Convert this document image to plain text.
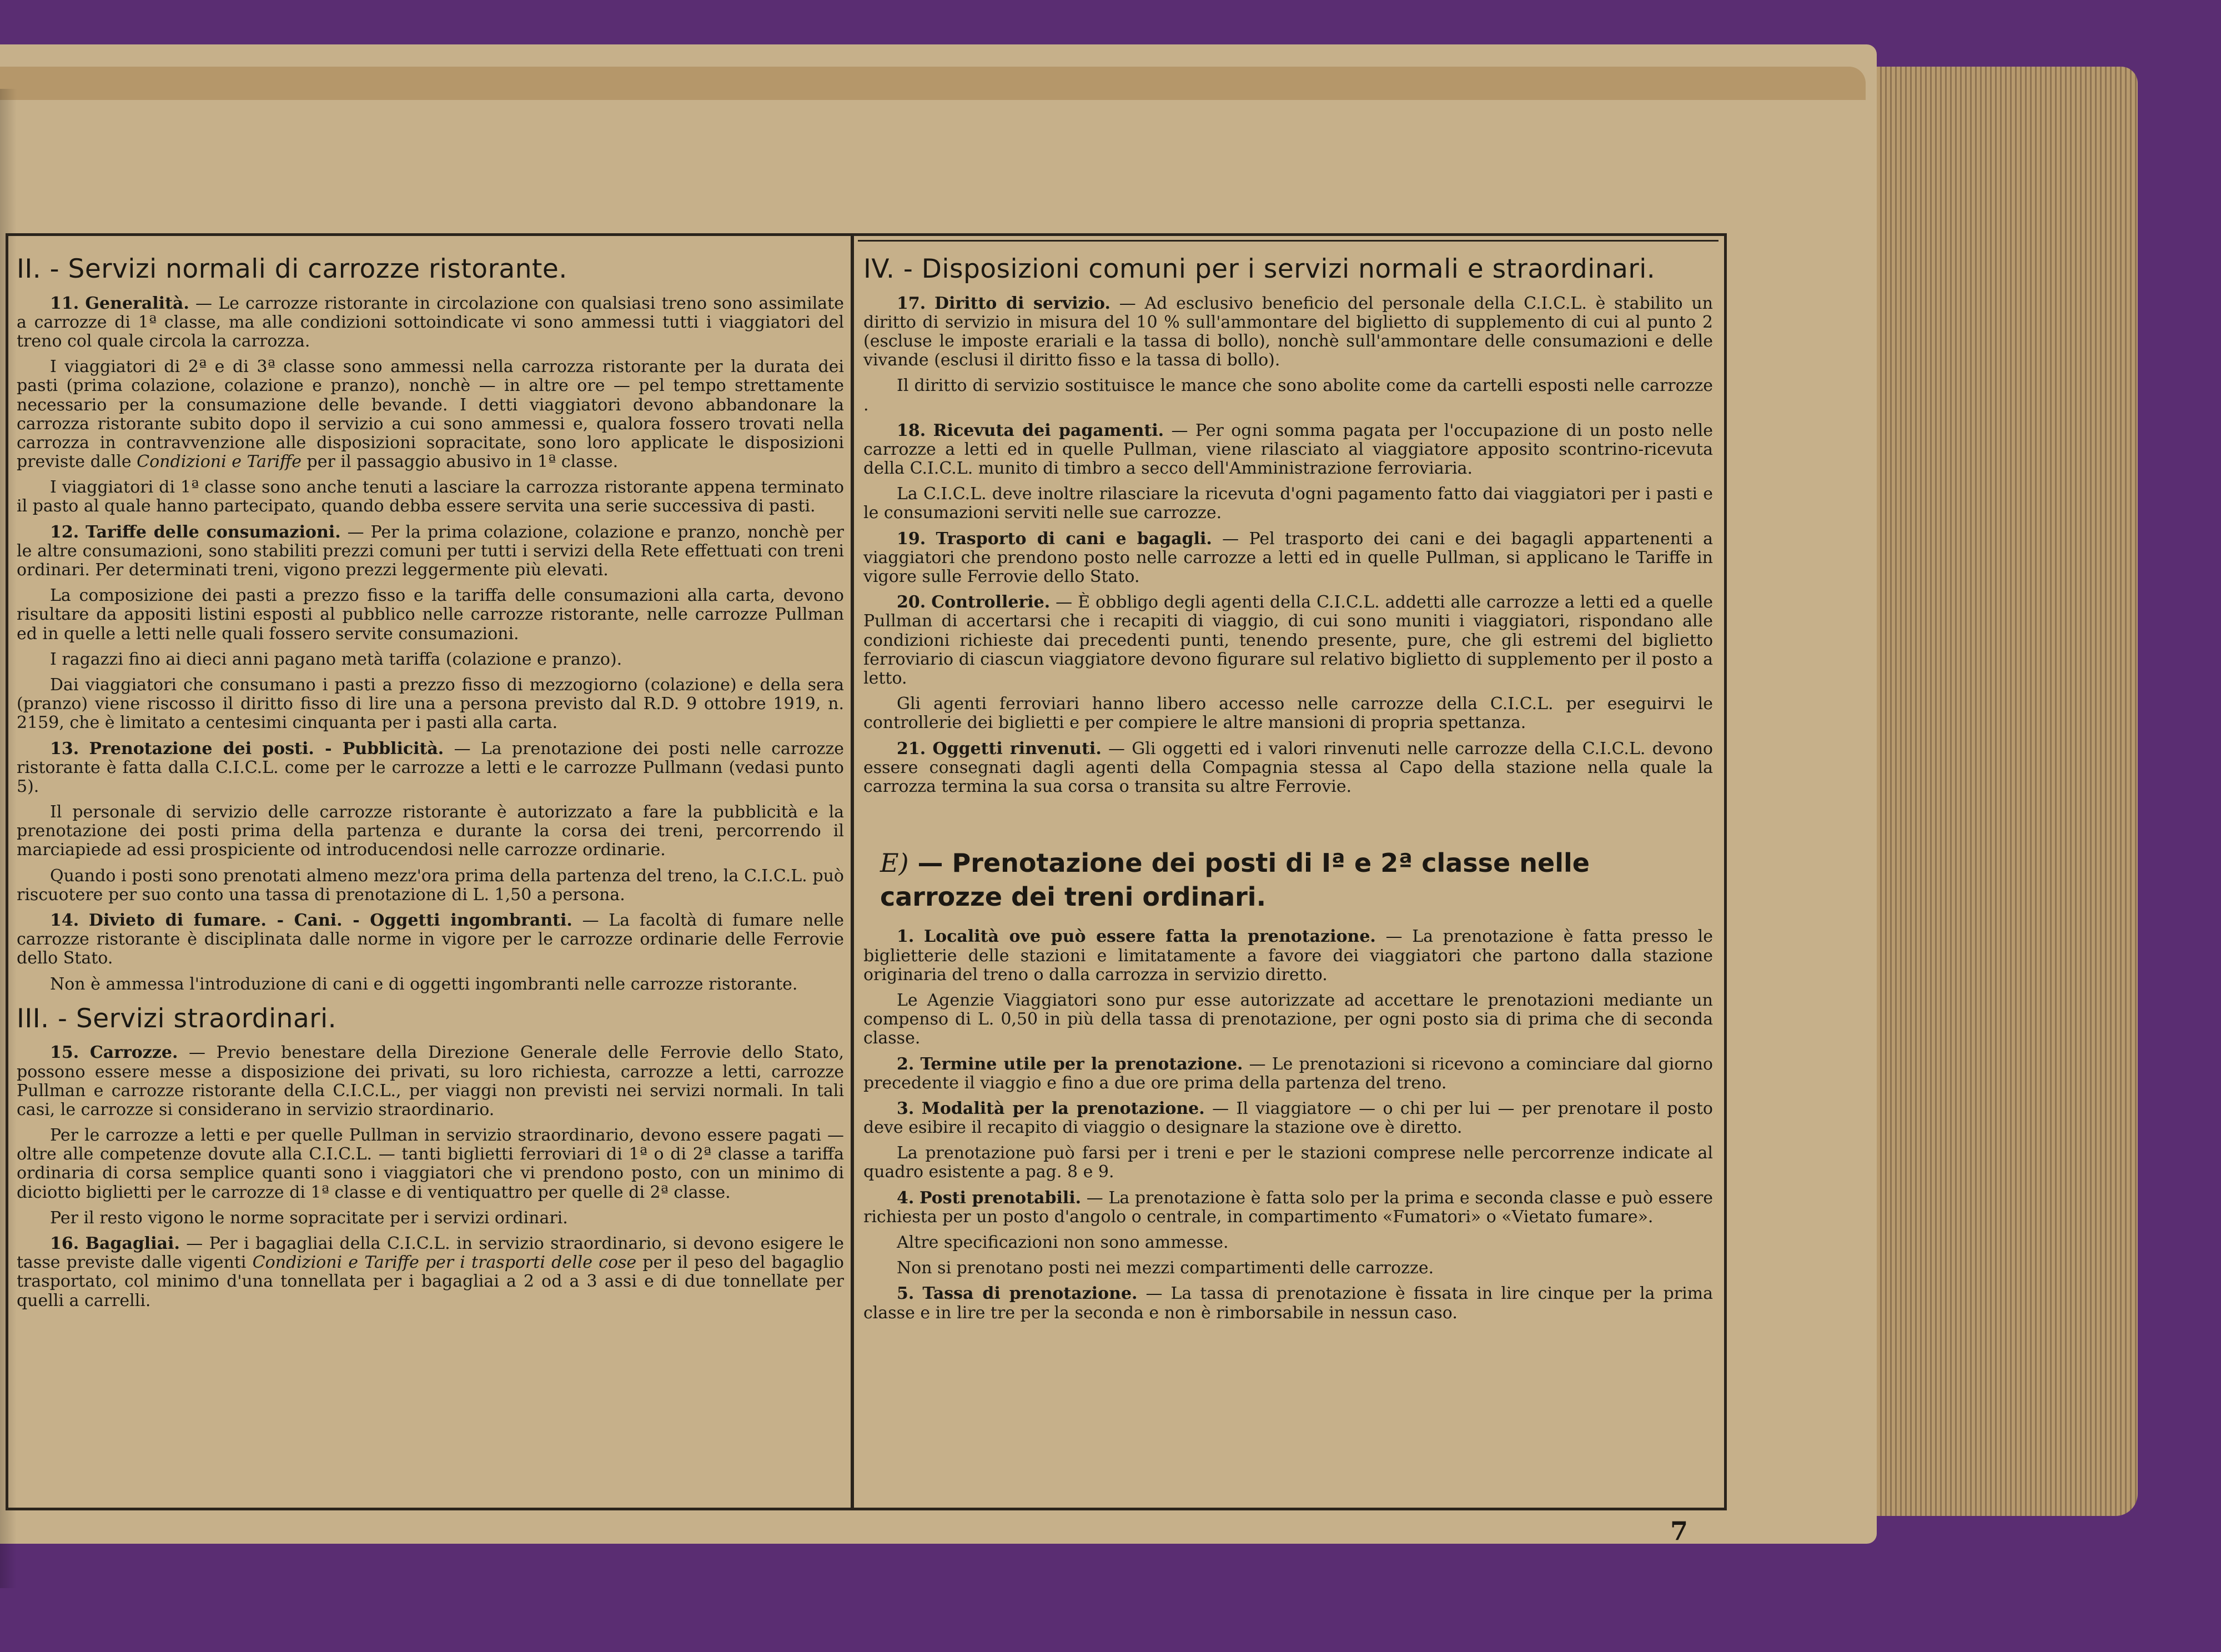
II. - Servizi normali di carrozze ristorante.

11. Generalità. — Le carrozze ristorante in circolazione con qualsiasi treno sono assimilate a carrozze di 1ª classe, ma alle condizioni sottoindicate vi sono ammessi tutti i viaggiatori del treno col quale circola la carrozza.

I viaggiatori di 2ª e di 3ª classe sono ammessi nella carrozza ristorante per la durata dei pasti (prima colazione, colazione e pranzo), nonchè — in altre ore — pel tempo strettamente necessario per la consumazione delle bevande. I detti viaggiatori devono abbandonare la carrozza ristorante subito dopo il servizio a cui sono ammessi e, qualora fossero trovati nella carrozza in contravvenzione alle disposizioni sopracitate, sono loro applicate le disposizioni previste dalle Condizioni e Tariffe per il passaggio abusivo in 1ª classe.

I viaggiatori di 1ª classe sono anche tenuti a lasciare la carrozza ristorante appena terminato il pasto al quale hanno partecipato, quando debba essere servita una serie successiva di pasti.

12. Tariffe delle consumazioni. — Per la prima colazione, colazione e pranzo, nonchè per le altre consumazioni, sono stabiliti prezzi comuni per tutti i servizi della Rete effettuati con treni ordinari. Per determinati treni, vigono prezzi leggermente più elevati.

La composizione dei pasti a prezzo fisso e la tariffa delle consumazioni alla carta, devono risultare da appositi listini esposti al pubblico nelle carrozze ristorante, nelle carrozze Pullman ed in quelle a letti nelle quali fossero servite consumazioni.

I ragazzi fino ai dieci anni pagano metà tariffa (colazione e pranzo).

Dai viaggiatori che consumano i pasti a prezzo fisso di mezzogiorno (colazione) e della sera (pranzo) viene riscosso il diritto fisso di lire una a persona previsto dal R.D. 9 ottobre 1919, n. 2159, che è limitato a centesimi cinquanta per i pasti alla carta.

13. Prenotazione dei posti. - Pubblicità. — La prenotazione dei posti nelle carrozze ristorante è fatta dalla C.I.C.L. come per le carrozze a letti e le carrozze Pullmann (vedasi punto 5).

Il personale di servizio delle carrozze ristorante è autorizzato a fare la pubblicità e la prenotazione dei posti prima della partenza e durante la corsa dei treni, percorrendo il marciapiede ad essi prospiciente od introducendosi nelle carrozze ordinarie.

Quando i posti sono prenotati almeno mezz'ora prima della partenza del treno, la C.I.C.L. può riscuotere per suo conto una tassa di prenotazione di L. 1,50 a persona.

14. Divieto di fumare. - Cani. - Oggetti ingombranti. — La facoltà di fumare nelle carrozze ristorante è disciplinata dalle norme in vigore per le carrozze ordinarie delle Ferrovie dello Stato.

Non è ammessa l'introduzione di cani e di oggetti ingombranti nelle carrozze ristorante.

III. - Servizi straordinari.

15. Carrozze. — Previo benestare della Direzione Generale delle Ferrovie dello Stato, possono essere messe a disposizione dei privati, su loro richiesta, carrozze a letti, carrozze Pullman e carrozze ristorante della C.I.C.L., per viaggi non previsti nei servizi normali. In tali casi, le carrozze si considerano in servizio straordinario.

Per le carrozze a letti e per quelle Pullman in servizio straordinario, devono essere pagati — oltre alle competenze dovute alla C.I.C.L. — tanti biglietti ferroviari di 1ª o di 2ª classe a tariffa ordinaria di corsa semplice quanti sono i viaggiatori che vi prendono posto, con un minimo di diciotto biglietti per le carrozze di 1ª classe e di ventiquattro per quelle di 2ª classe.

Per il resto vigono le norme sopracitate per i servizi ordinari.

16. Bagagliai. — Per i bagagliai della C.I.C.L. in servizio straordinario, si devono esigere le tasse previste dalle vigenti Condizioni e Tariffe per i trasporti delle cose per il peso del bagaglio trasportato, col minimo d'una tonnellata per i bagagliai a 2 od a 3 assi e di due tonnellate per quelli a carrelli.

IV. - Disposizioni comuni per i servizi normali e straordinari.

17. Diritto di servizio. — Ad esclusivo beneficio del personale della C.I.C.L. è stabilito un diritto di servizio in misura del 10 % sull'ammontare del biglietto di supplemento di cui al punto 2 (escluse le imposte erariali e la tassa di bollo), nonchè sull'ammontare delle consumazioni e delle vivande (esclusi il diritto fisso e la tassa di bollo).

Il diritto di servizio sostituisce le mance che sono abolite come da cartelli esposti nelle carrozze .

18. Ricevuta dei pagamenti. — Per ogni somma pagata per l'occupazione di un posto nelle carrozze a letti ed in quelle Pullman, viene rilasciato al viaggiatore apposito scontrino-ricevuta della C.I.C.L. munito di timbro a secco dell'Amministrazione ferroviaria.

La C.I.C.L. deve inoltre rilasciare la ricevuta d'ogni pagamento fatto dai viaggiatori per i pasti e le consumazioni serviti nelle sue carrozze.

19. Trasporto di cani e bagagli. — Pel trasporto dei cani e dei bagagli appartenenti a viaggiatori che prendono posto nelle carrozze a letti ed in quelle Pullman, si applicano le Tariffe in vigore sulle Ferrovie dello Stato.

20. Controllerie. — È obbligo degli agenti della C.I.C.L. addetti alle carrozze a letti ed a quelle Pullman di accertarsi che i recapiti di viaggio, di cui sono muniti i viaggiatori, rispondano alle condizioni richieste dai precedenti punti, tenendo presente, pure, che gli estremi del biglietto ferroviario di ciascun viaggiatore devono figurare sul relativo biglietto di supplemento per il posto a letto.

Gli agenti ferroviari hanno libero accesso nelle carrozze della C.I.C.L. per eseguirvi le controllerie dei biglietti e per compiere le altre mansioni di propria spettanza.

21. Oggetti rinvenuti. — Gli oggetti ed i valori rinvenuti nelle carrozze della C.I.C.L. devono essere consegnati dagli agenti della Compagnia stessa al Capo della stazione nella quale la carrozza termina la sua corsa o transita su altre Ferrovie.

E) — Prenotazione dei posti di Iª e 2ª classe nelle carrozze dei treni ordinari.

1. Località ove può essere fatta la prenotazione. — La prenotazione è fatta presso le biglietterie delle stazioni e limitatamente a favore dei viaggiatori che partono dalla stazione originaria del treno o dalla carrozza in servizio diretto.

Le Agenzie Viaggiatori sono pur esse autorizzate ad accettare le prenotazioni mediante un compenso di L. 0,50 in più della tassa di prenotazione, per ogni posto sia di prima che di seconda classe.

2. Termine utile per la prenotazione. — Le prenotazioni si ricevono a cominciare dal giorno precedente il viaggio e fino a due ore prima della partenza del treno.

3. Modalità per la prenotazione. — Il viaggiatore — o chi per lui — per prenotare il posto deve esibire il recapito di viaggio o designare la stazione ove è diretto.

La prenotazione può farsi per i treni e per le stazioni comprese nelle percorrenze indicate al quadro esistente a pag. 8 e 9.

4. Posti prenotabili. — La prenotazione è fatta solo per la prima e seconda classe e può essere richiesta per un posto d'angolo o centrale, in compartimento «Fumatori» o «Vietato fumare».

Altre specificazioni non sono ammesse.

Non si prenotano posti nei mezzi compartimenti delle carrozze.

5. Tassa di prenotazione. — La tassa di prenotazione è fissata in lire cinque per la prima classe e in lire tre per la seconda e non è rimborsabile in nessun caso.

7
